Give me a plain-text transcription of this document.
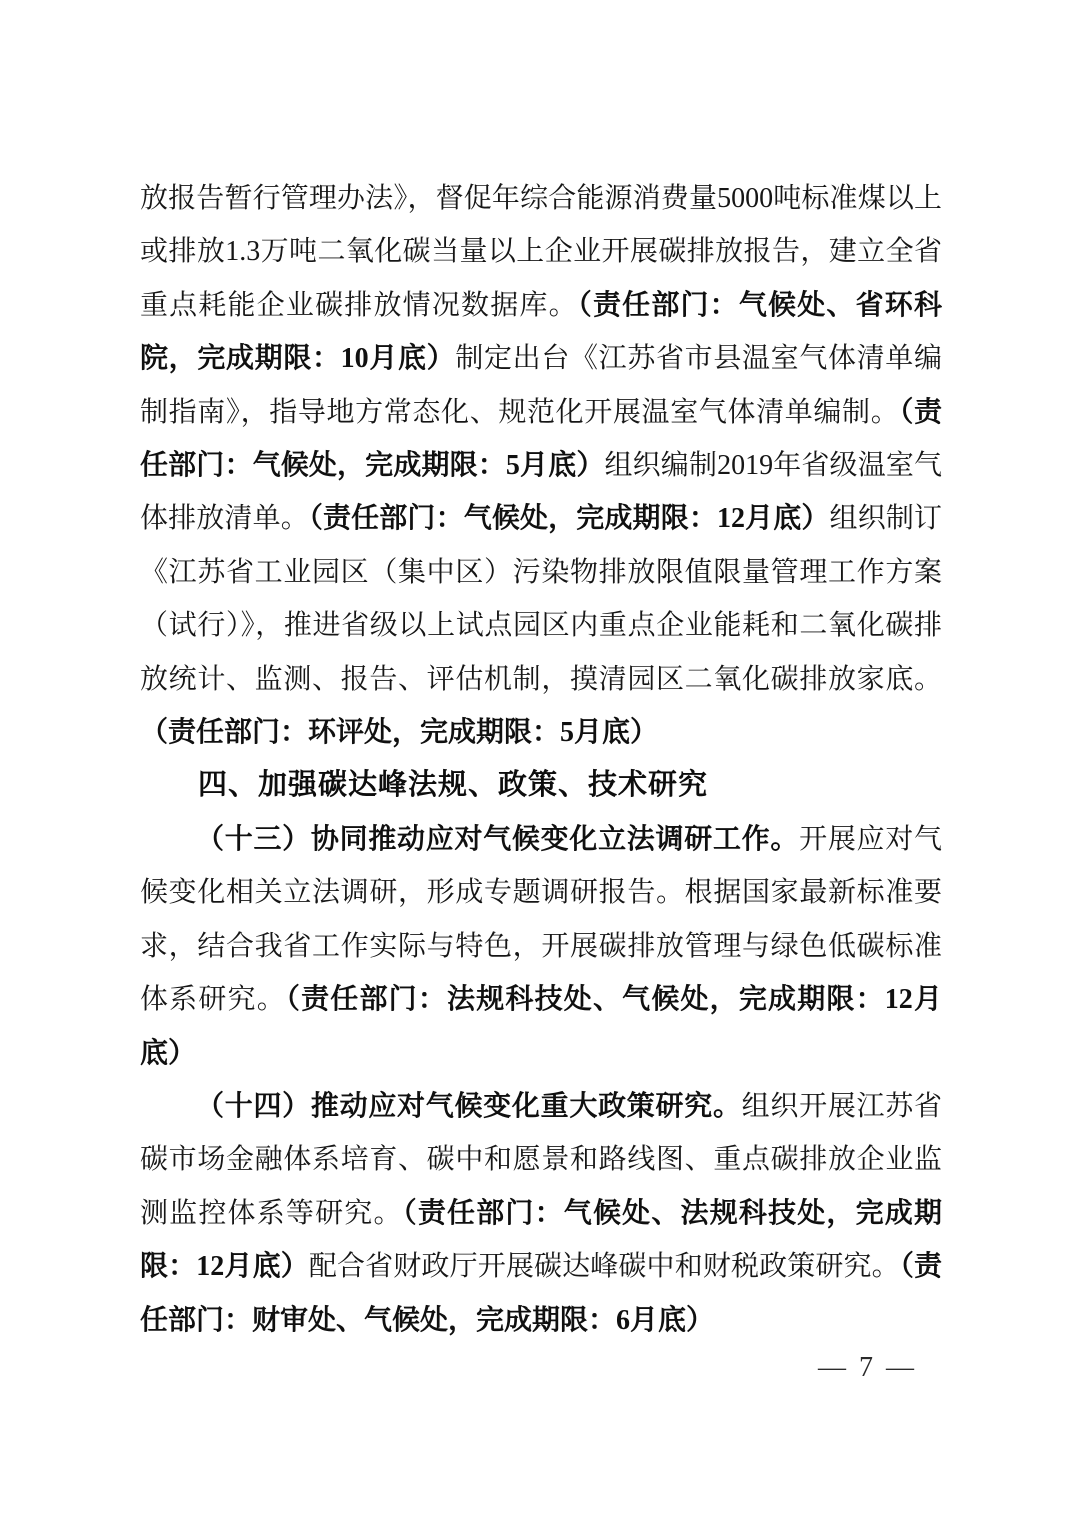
放报告暂行管理办法》，督促年综合能源消费量5000吨标准煤以上或排放1.3万吨二氧化碳当量以上企业开展碳排放报告，建立全省重点耗能企业碳排放情况数据库。（责任部门：气候处、省环科院，完成期限：10月底）制定出台《江苏省市县温室气体清单编制指南》，指导地方常态化、规范化开展温室气体清单编制。（责任部门：气候处，完成期限：5月底）组织编制2019年省级温室气体排放清单。（责任部门：气候处，完成期限：12月底）组织制订《江苏省工业园区（集中区）污染物排放限值限量管理工作方案（试行）》，推进省级以上试点园区内重点企业能耗和二氧化碳排放统计、监测、报告、评估机制，摸清园区二氧化碳排放家底。（责任部门：环评处，完成期限：5月底）

四、加强碳达峰法规、政策、技术研究

（十三）协同推动应对气候变化立法调研工作。开展应对气候变化相关立法调研，形成专题调研报告。根据国家最新标准要求，结合我省工作实际与特色，开展碳排放管理与绿色低碳标准体系研究。（责任部门：法规科技处、气候处，完成期限：12月底）

（十四）推动应对气候变化重大政策研究。组织开展江苏省碳市场金融体系培育、碳中和愿景和路线图、重点碳排放企业监测监控体系等研究。（责任部门：气候处、法规科技处，完成期限：12月底）配合省财政厅开展碳达峰碳中和财税政策研究。（责任部门：财审处、气候处，完成期限：6月底）

— 7 —
